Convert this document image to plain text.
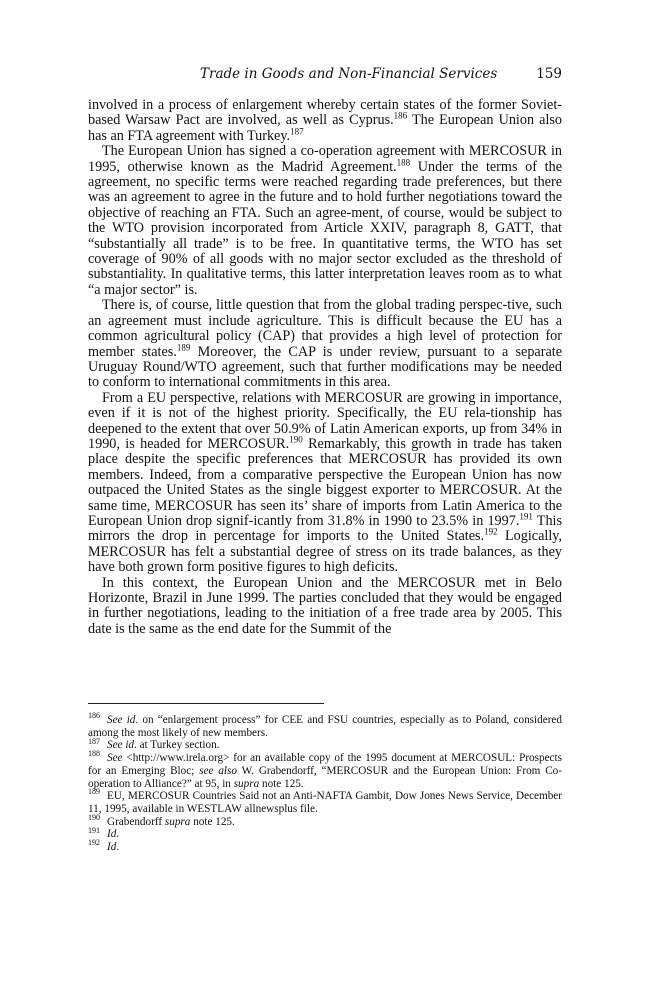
Trade in Goods and Non-Financial Services	159

involved in a process of enlargement whereby certain states of the former Soviet-based Warsaw Pact are involved, as well as Cyprus.$^{186}$ The European Union also has an FTA agreement with Turkey.$^{187}$

The European Union has signed a co-operation agreement with MERCOSUR in 1995, otherwise known as the Madrid Agreement.$^{188}$ Under the terms of the agreement, no specific terms were reached regarding trade preferences, but there was an agreement to agree in the future and to hold further negotiations toward the objective of reaching an FTA. Such an agree-ment, of course, would be subject to the WTO provision incorporated from Article XXIV, paragraph 8, GATT, that “substantially all trade” is to be free. In quantitative terms, the WTO has set coverage of 90% of all goods with no major sector excluded as the threshold of substantiality. In qualitative terms, this latter interpretation leaves room as to what “a major sector” is.

There is, of course, little question that from the global trading perspec-tive, such an agreement must include agriculture. This is difficult because the EU has a common agricultural policy (CAP) that provides a high level of protection for member states.$^{189}$ Moreover, the CAP is under review, pursuant to a separate Uruguay Round/WTO agreement, such that further modifications may be needed to conform to international commitments in this area.

From a EU perspective, relations with MERCOSUR are growing in importance, even if it is not of the highest priority. Specifically, the EU rela-tionship has deepened to the extent that over 50.9% of Latin American exports, up from 34% in 1990, is headed for MERCOSUR.$^{190}$ Remarkably, this growth in trade has taken place despite the specific preferences that MERCOSUR has provided its own members. Indeed, from a comparative perspective the European Union has now outpaced the United States as the single biggest exporter to MERCOSUR. At the same time, MERCOSUR has seen its’ share of imports from Latin America to the European Union drop signif-icantly from 31.8% in 1990 to 23.5% in 1997.$^{191}$ This mirrors the drop in percentage for imports to the United States.$^{192}$ Logically, MERCOSUR has felt a substantial degree of stress on its trade balances, as they have both grown form positive figures to high deficits.

In this context, the European Union and the MERCOSUR met in Belo Horizonte, Brazil in June 1999. The parties concluded that they would be engaged in further negotiations, leading to the initiation of a free trade area by 2005. This date is the same as the end date for the Summit of the

$^{186}$ See id. on “enlargement process” for CEE and FSU countries, especially as to Poland, considered among the most likely of new members.

$^{187}$ See id. at Turkey section.

$^{188}$ See <http://www.irela.org> for an available copy of the 1995 document at MERCOSUL: Prospects for an Emerging Bloc; see also W. Grabendorff, “MERCOSUR and the European Union: From Co-operation to Alliance?” at 95, in supra note 125.

$^{189}$ EU, MERCOSUR Countries Said not an Anti-NAFTA Gambit, Dow Jones News Service, December 11, 1995, available in WESTLAW allnewsplus file.

$^{190}$ Grabendorff supra note 125.

$^{191}$ Id.

$^{192}$ Id.
